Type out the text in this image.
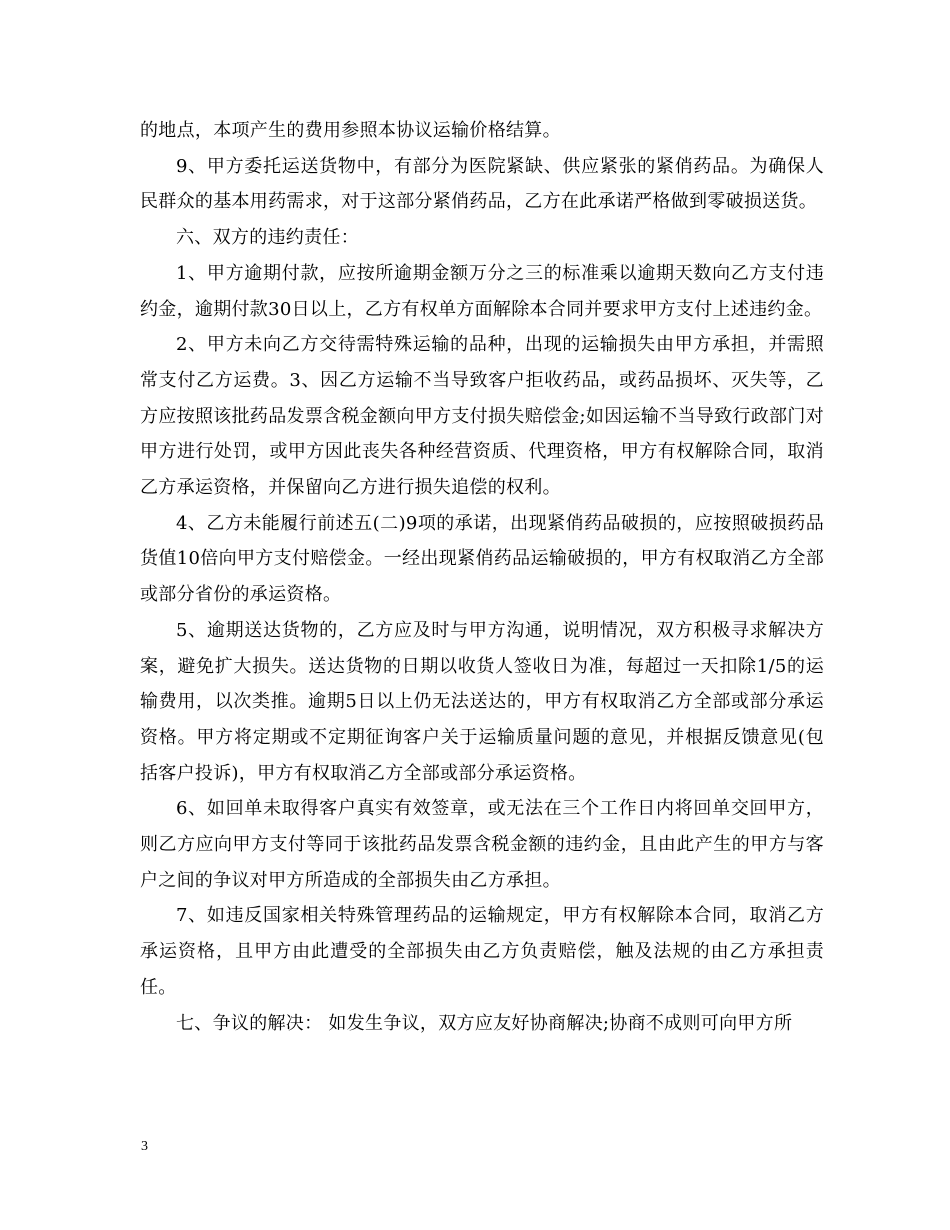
的地点，本项产生的费用参照本协议运输价格结算。

9、甲方委托运送货物中，有部分为医院紧缺、供应紧张的紧俏药品。为确保人民群众的基本用药需求，对于这部分紧俏药品，乙方在此承诺严格做到零破损送货。

六、双方的违约责任：

1、甲方逾期付款，应按所逾期金额万分之三的标准乘以逾期天数向乙方支付违约金，逾期付款30日以上，乙方有权单方面解除本合同并要求甲方支付上述违约金。

2、甲方未向乙方交待需特殊运输的品种，出现的运输损失由甲方承担，并需照常支付乙方运费。3、因乙方运输不当导致客户拒收药品，或药品损坏、灭失等，乙方应按照该批药品发票含税金额向甲方支付损失赔偿金;如因运输不当导致行政部门对甲方进行处罚，或甲方因此丧失各种经营资质、代理资格，甲方有权解除合同，取消乙方承运资格，并保留向乙方进行损失追偿的权利。

4、乙方未能履行前述五(二)9项的承诺，出现紧俏药品破损的，应按照破损药品货值10倍向甲方支付赔偿金。一经出现紧俏药品运输破损的，甲方有权取消乙方全部或部分省份的承运资格。

5、逾期送达货物的，乙方应及时与甲方沟通，说明情况，双方积极寻求解决方案，避免扩大损失。送达货物的日期以收货人签收日为准，每超过一天扣除1/5的运输费用，以次类推。逾期5日以上仍无法送达的，甲方有权取消乙方全部或部分承运资格。甲方将定期或不定期征询客户关于运输质量问题的意见，并根据反馈意见(包括客户投诉)，甲方有权取消乙方全部或部分承运资格。

6、如回单未取得客户真实有效签章，或无法在三个工作日内将回单交回甲方，则乙方应向甲方支付等同于该批药品发票含税金额的违约金，且由此产生的甲方与客户之间的争议对甲方所造成的全部损失由乙方承担。

7、如违反国家相关特殊管理药品的运输规定，甲方有权解除本合同，取消乙方承运资格，且甲方由此遭受的全部损失由乙方负责赔偿，触及法规的由乙方承担责任。

七、争议的解决： 如发生争议，双方应友好协商解决;协商不成则可向甲方所

3
